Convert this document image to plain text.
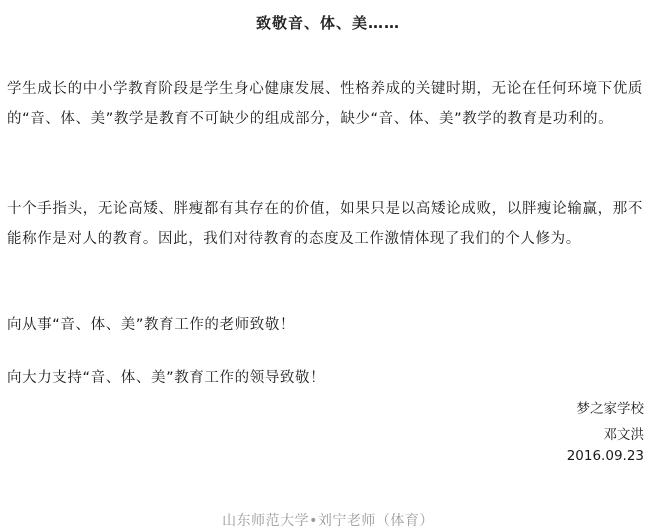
致敬音、体、美……

学生成长的中小学教育阶段是学生身心健康发展、性格养成的关键时期，无论在任何环境下优质的“音、体、美”教学是教育不可缺少的组成部分，缺少“音、体、美”教学的教育是功利的。

十个手指头，无论高矮、胖瘦都有其存在的价值，如果只是以高矮论成败，以胖瘦论输赢，那不能称作是对人的教育。因此，我们对待教育的态度及工作激情体现了我们的个人修为。

向从事“音、体、美”教育工作的老师致敬！

向大力支持“音、体、美”教育工作的领导致敬！

梦之家学校
邓文洪
2016.09.23
山东师范大学•刘宁老师（体育）
